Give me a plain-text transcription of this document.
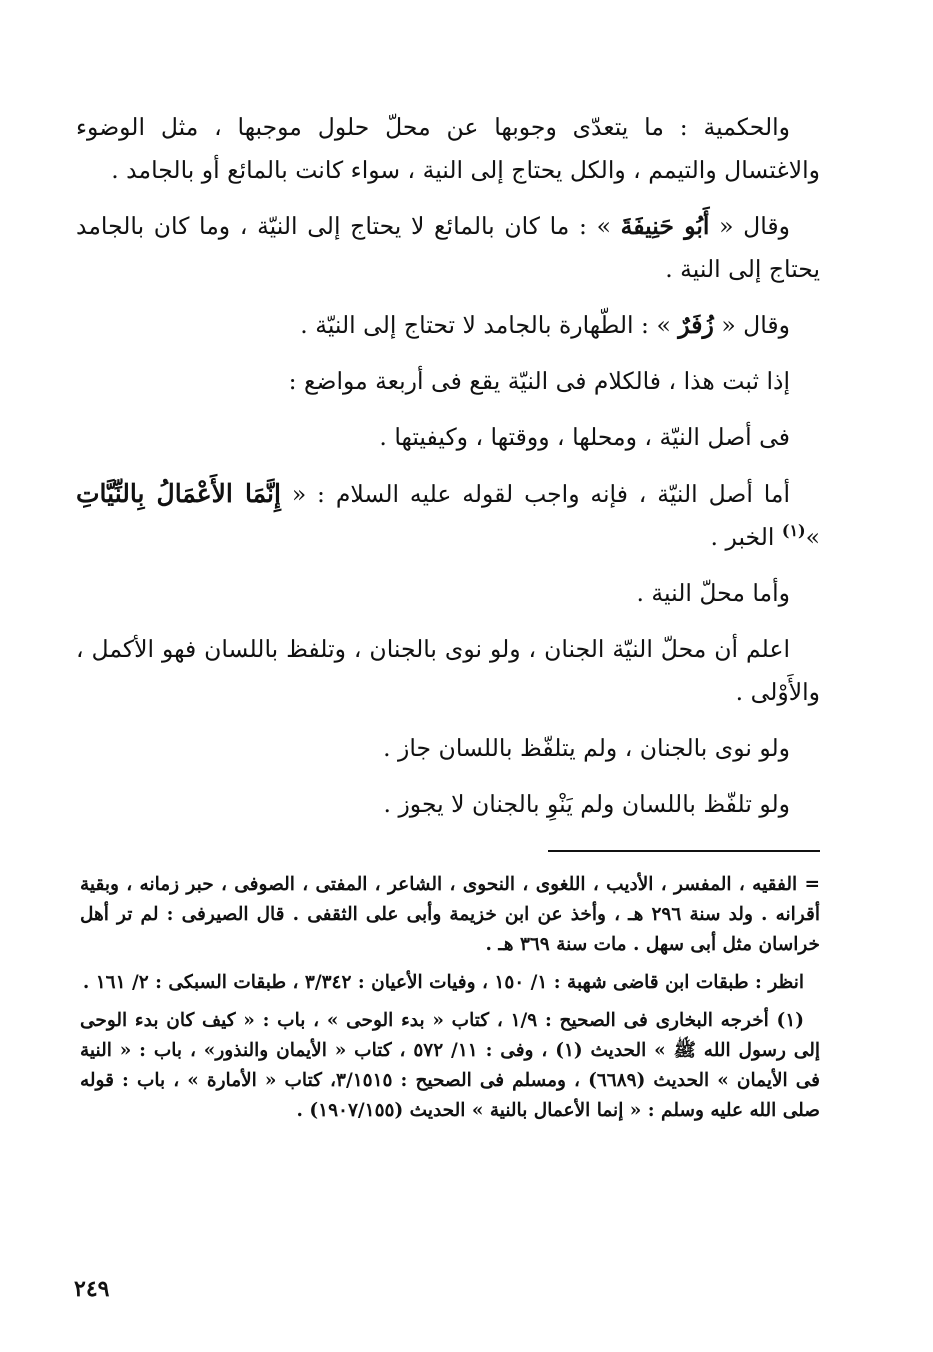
والحكمية : ما يتعدّى وجوبها عن محلّ حلول موجبها ، مثل الوضوء والاغتسال والتيمم ، والكل يحتاج إلى النية ، سواء كانت بالمائع أو بالجامد .

وقال « أَبُو حَنِيفَةَ » : ما كان بالمائع لا يحتاج إلى النيّة ، وما كان بالجامد يحتاج إلى النية .

وقال « زُفَرٌ » : الطّهارة بالجامد لا تحتاج إلى النيّة .

إذا ثبت هذا ، فالكلام فى النيّة يقع فى أربعة مواضع :

فى أصل النيّة ، ومحلها ، ووقتها ، وكيفيتها .

أما أصل النيّة ، فإنه واجب لقوله عليه السلام : « إِنَّمَا الأَعْمَالُ بِالنِّيَّاتِ »$^{(١)}$ الخبر .

وأما محلّ النية .

اعلم أن محلّ النيّة الجنان ، ولو نوى بالجنان ، وتلفظ باللسان فهو الأكمل ، والأَوْلى .

ولو نوى بالجنان ، ولم يتلفّظ باللسان جاز .

ولو تلفّظ باللسان ولم يَنْوِ بالجنان لا يجوز .

= الفقيه ، المفسر ، الأديب ، اللغوى ، النحوى ، الشاعر ، المفتى ، الصوفى ، حبر زمانه ، وبقية أقرانه . ولد سنة ٢٩٦ هـ ، وأخذ عن ابن خزيمة وأبى على الثقفى . قال الصيرفى : لم تر أهل خراسان مثل أبى سهل . مات سنة ٣٦٩ هـ .

انظر : طبقات ابن قاضى شهبة : ١/ ١٥٠ ، وفيات الأعيان : ٣/٣٤٢ ، طبقات السبكى : ٢/ ١٦١ .

(١) أخرجه البخارى فى الصحيح : ١/٩ ، كتاب « بدء الوحى » ، باب : « كيف كان بدء الوحى إلى رسول الله ﷺ » الحديث (١) ، وفى : ١١/ ٥٧٢ ، كتاب « الأيمان والنذور» ، باب : « النية فى الأيمان » الحديث (٦٦٨٩) ، ومسلم فى الصحيح : ٣/١٥١٥، كتاب « الأمارة » ، باب : قوله صلى الله عليه وسلم : « إنما الأعمال بالنية » الحديث (١٩٠٧/١٥٥) .

٢٤٩
